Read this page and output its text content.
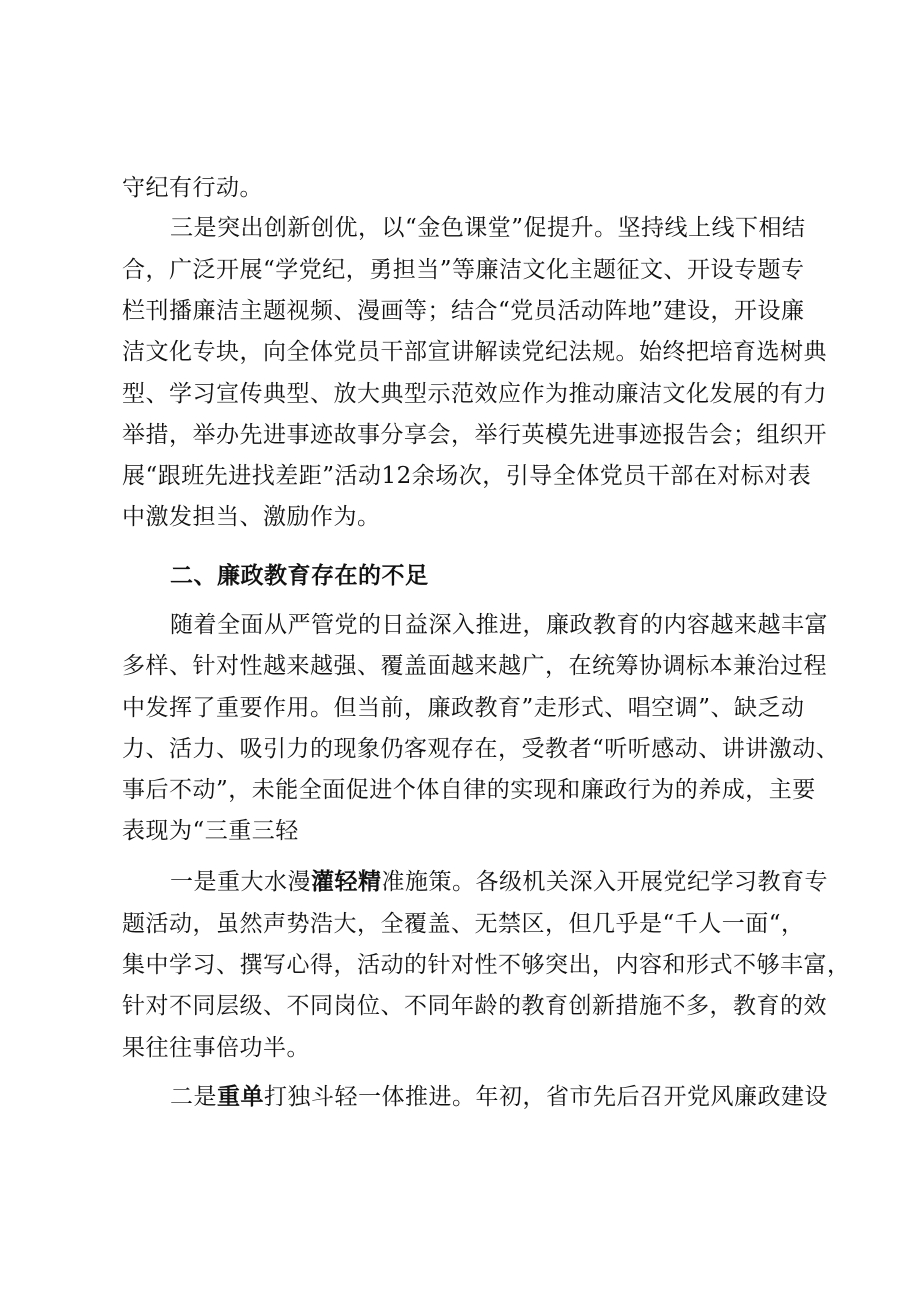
守纪有行动。
三是突出创新创优，以“金色课堂”促提升。坚持线上线下相结
合，广泛开展“学党纪，勇担当”等廉洁文化主题征文、开设专题专
栏刊播廉洁主题视频、漫画等；结合“党员活动阵地”建设，开设廉
洁文化专块，向全体党员干部宣讲解读党纪法规。始终把培育选树典
型、学习宣传典型、放大典型示范效应作为推动廉洁文化发展的有力
举措，举办先进事迹故事分享会，举行英模先进事迹报告会；组织开
展“跟班先进找差距”活动12余场次，引导全体党员干部在对标对表
中激发担当、激励作为。
二、廉政教育存在的不足
随着全面从严管党的日益深入推进，廉政教育的内容越来越丰富
多样、针对性越来越强、覆盖面越来越广，在统筹协调标本兼治过程
中发挥了重要作用。但当前，廉政教育”走形式、唱空调”、缺乏动
力、活力、吸引力的现象仍客观存在，受教者“听听感动、讲讲激动、
事后不动”，未能全面促进个体自律的实现和廉政行为的养成，主要
表现为“三重三轻
一是重大水漫灌轻精准施策。各级机关深入开展党纪学习教育专
题活动，虽然声势浩大，全覆盖、无禁区，但几乎是“千人一面“，
集中学习、撰写心得，活动的针对性不够突出，内容和形式不够丰富，
针对不同层级、不同岗位、不同年龄的教育创新措施不多，教育的效
果往往事倍功半。
二是重单打独斗轻一体推进。年初，省市先后召开党风廉政建设
